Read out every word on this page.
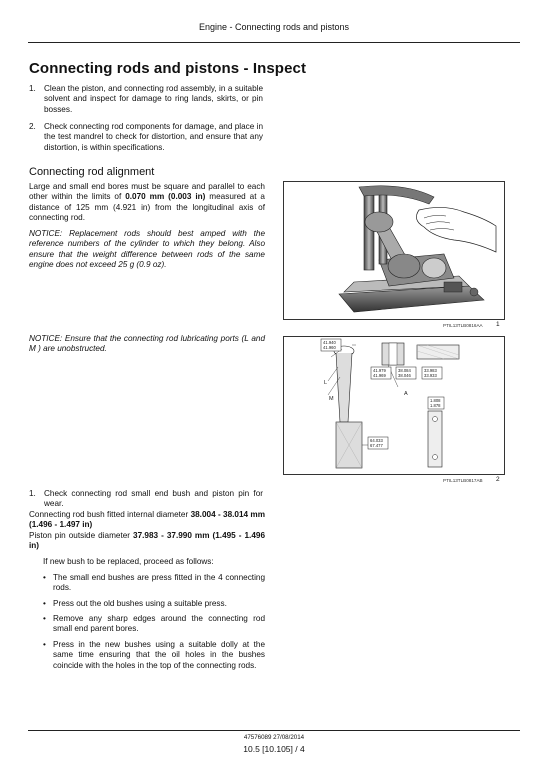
Engine - Connecting rods and pistons
Connecting rods and pistons - Inspect
1. Clean the piston, and connecting rod assembly, in a suitable solvent and inspect for damage to ring lands, skirts, or pin bosses.
2. Check connecting rod components for damage, and place in the test mandrel to check for distortion, and ensure that any distortion, is within specifications.
Connecting rod alignment
Large and small end bores must be square and parallel to each other within the limits of 0.070 mm (0.003 in) measured at a distance of 125 mm (4.921 in) from the longitudinal axis of connecting rod.
NOTICE: Replacement rods should best amped with the reference numbers of the cylinder to which they belong. Also ensure that the weight difference between rods of the same engine does not exceed 25 g (0.9 oz).
PTIL13TLB0816AA 1
NOTICE: Ensure that the connecting rod lubricating ports (L and M ) are unobstructed.
41.940
41.960
41.979
41.969
38.084
38.046
33.983
33.933
1.808
1.878
64.033
67.477
L
M
A
PTIL13TLB0817AB 2
1. Check connecting rod small end bush and piston pin for wear.
Connecting rod bush fitted internal diameter 38.004 - 38.014 mm (1.496 - 1.497 in)
Piston pin outside diameter 37.983 - 37.990 mm (1.495 - 1.496 in)
If new bush to be replaced, proceed as follows:
• The small end bushes are press fitted in the 4 connecting rods.
• Press out the old bushes using a suitable press.
• Remove any sharp edges around the connecting rod small end parent bores.
• Press in the new bushes using a suitable dolly at the same time ensuring that the oil holes in the bushes coincide with the holes in the top of the connecting rods.
47576089 27/08/2014
10.5 [10.105] / 4
